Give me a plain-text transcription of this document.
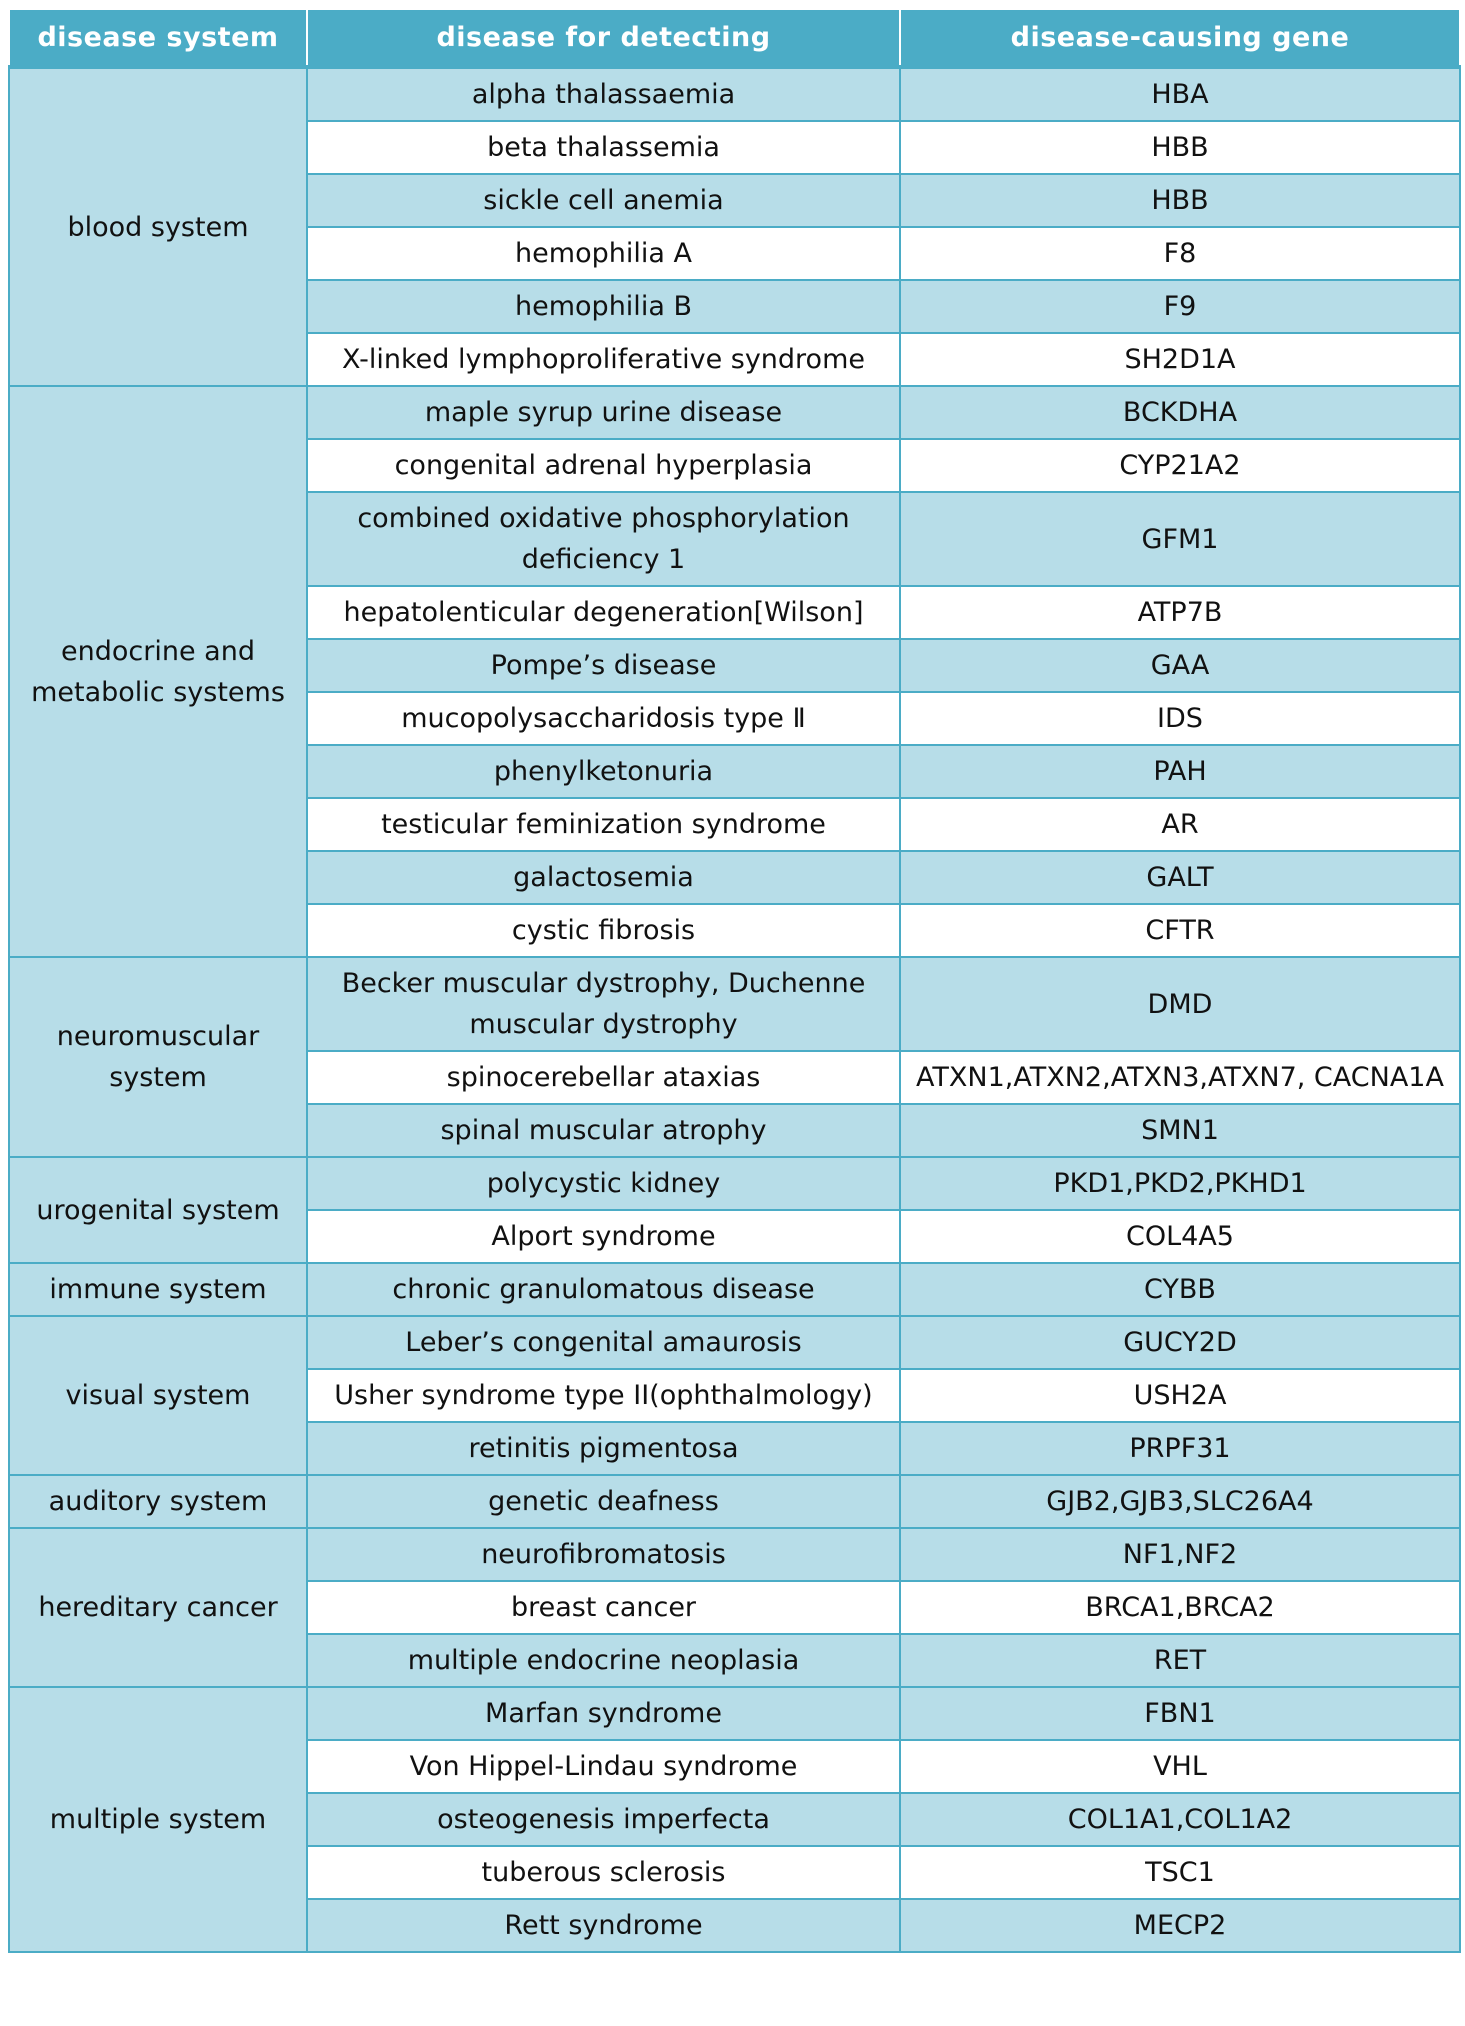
disease system	disease for detecting	disease-causing gene
blood system	alpha thalassaemia	HBA
	beta thalassemia	HBB
	sickle cell anemia	HBB
	hemophilia A	F8
	hemophilia B	F9
	X-linked lymphoproliferative syndrome	SH2D1A
endocrine and metabolic systems	maple syrup urine disease	BCKDHA
	congenital adrenal hyperplasia	CYP21A2
	combined oxidative phosphorylation deficiency 1	GFM1
	hepatolenticular degeneration[Wilson]	ATP7B
	Pompe’s disease	GAA
	mucopolysaccharidosis type Ⅱ	IDS
	phenylketonuria	PAH
	testicular feminization syndrome	AR
	galactosemia	GALT
	cystic fibrosis	CFTR
neuromuscular system	Becker muscular dystrophy, Duchenne muscular dystrophy	DMD
	spinocerebellar ataxias	ATXN1,ATXN2,ATXN3,ATXN7, CACNA1A
	spinal muscular atrophy	SMN1
urogenital system	polycystic kidney	PKD1,PKD2,PKHD1
	Alport syndrome	COL4A5
immune system	chronic granulomatous disease	CYBB
visual system	Leber’s congenital amaurosis	GUCY2D
	Usher syndrome type II(ophthalmology)	USH2A
	retinitis pigmentosa	PRPF31
auditory system	genetic deafness	GJB2,GJB3,SLC26A4
hereditary cancer	neurofibromatosis	NF1,NF2
	breast cancer	BRCA1,BRCA2
	multiple endocrine neoplasia	RET
multiple system	Marfan syndrome	FBN1
	Von Hippel-Lindau syndrome	VHL
	osteogenesis imperfecta	COL1A1,COL1A2
	tuberous sclerosis	TSC1
	Rett syndrome	MECP2
